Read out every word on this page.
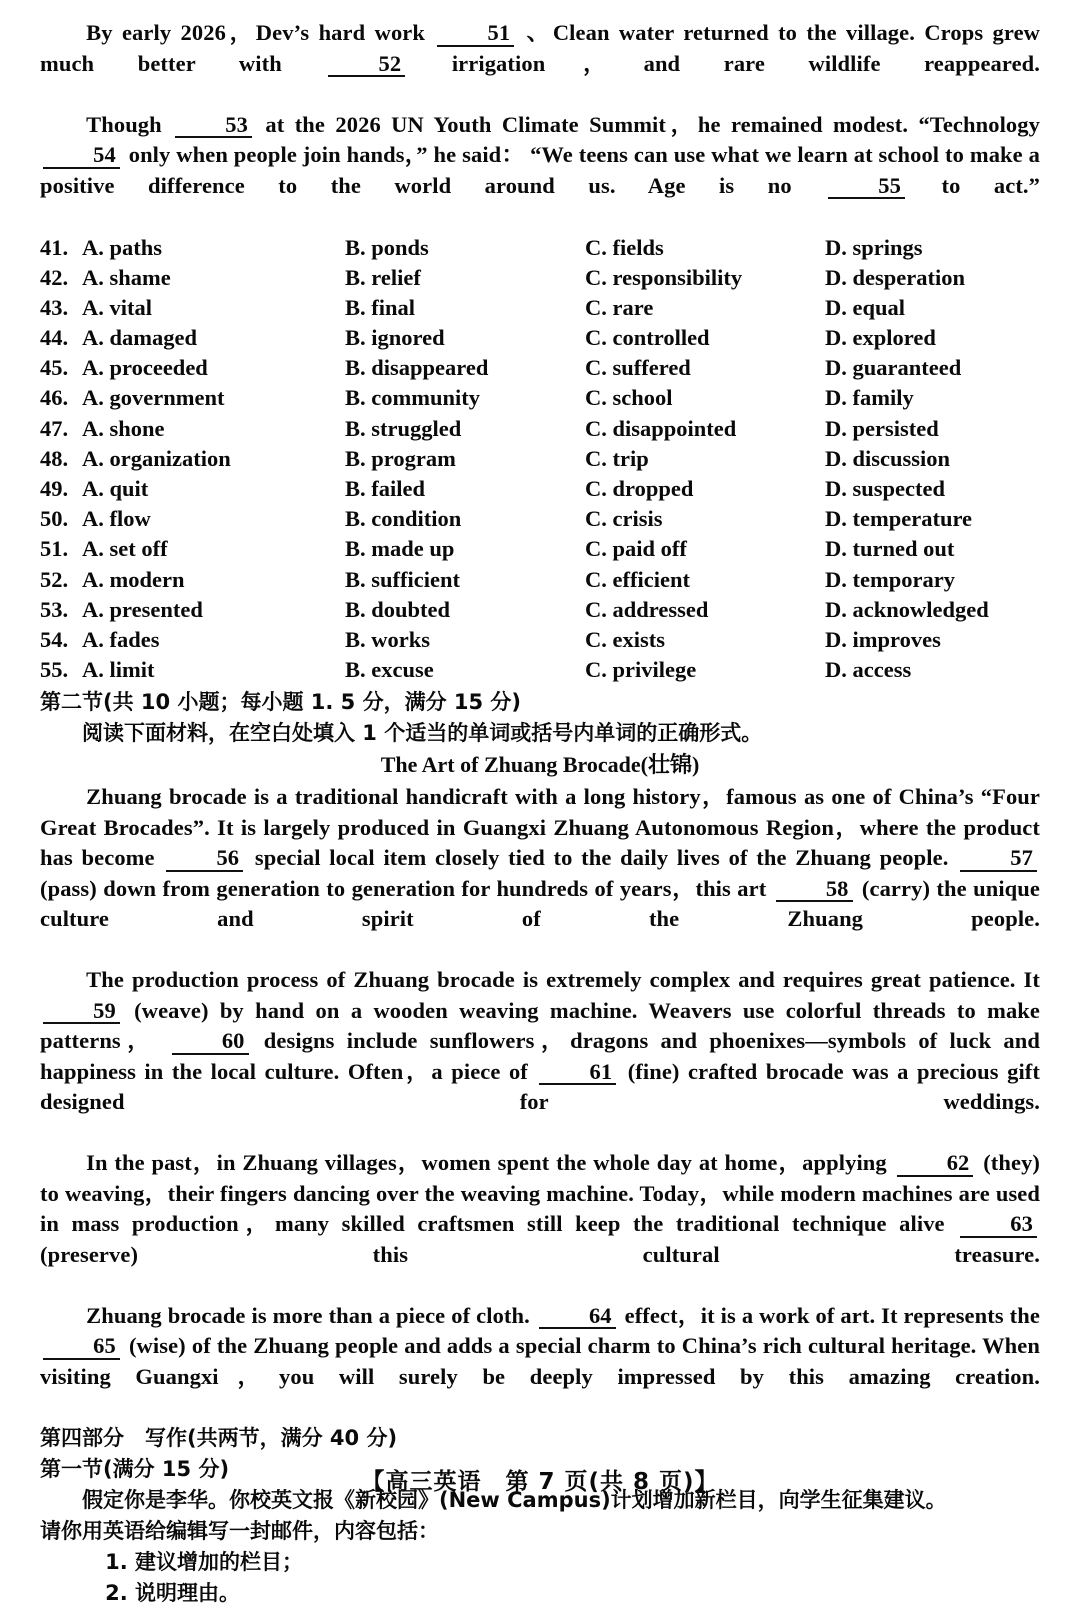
By early 2026，Dev’s hard work	51 、Clean water returned to the village. Crops grew much better with	52 irrigation，and rare wildlife reappeared.
Though	53 at the 2026 UN Youth Climate Summit，he remained modest. “Technology 54 only when people join hands，” he said： “We teens can use what we learn at school to make a positive difference to the world around us. Age is no	55 to act.”
41. A. paths	B. ponds	C. fields	D. springs
42. A. shame	B. relief	C. responsibility	D. desperation
43. A. vital	B. final	C. rare	D. equal
44. A. damaged	B. ignored	C. controlled	D. explored
45. A. proceeded	B. disappeared	C. suffered	D. guaranteed
46. A. government	B. community	C. school	D. family
47. A. shone	B. struggled	C. disappointed	D. persisted
48. A. organization	B. program	C. trip	D. discussion
49. A. quit	B. failed	C. dropped	D. suspected
50. A. flow	B. condition	C. crisis	D. temperature
51. A. set off	B. made up	C. paid off	D. turned out
52. A. modern	B. sufficient	C. efficient	D. temporary
53. A. presented	B. doubted	C. addressed	D. acknowledged
54. A. fades	B. works	C. exists	D. improves
55. A. limit	B. excuse	C. privilege	D. access
第二节(共 10 小题；每小题 1. 5 分，满分 15 分)
阅读下面材料，在空白处填入 1 个适当的单词或括号内单词的正确形式。
The Art of Zhuang Brocade(壮锦)
Zhuang brocade is a traditional handicraft with a long history，famous as one of China’s “Four Great Brocades”. It is largely produced in Guangxi Zhuang Autonomous Region，where the product has become	56 special local item closely tied to the daily lives of the Zhuang people.	57 (pass) down from generation to generation for hundreds of years，this art	58 (carry) the unique culture and spirit of the Zhuang people.
The production process of Zhuang brocade is extremely complex and requires great patience. It 59 (weave) by hand on a wooden weaving machine. Weavers use colorful threads to make patterns，	60 designs include sunflowers，dragons and phoenixes—symbols of luck and happiness in the local culture. Often，a piece of	61 (fine) crafted brocade was a precious gift designed for weddings.
In the past，in Zhuang villages，women spent the whole day at home，applying	62 (they) to weaving，their fingers dancing over the weaving machine. Today，while modern machines are used in mass production，many skilled craftsmen still keep the traditional technique alive	63 (preserve) this cultural treasure.
Zhuang brocade is more than a piece of cloth.	64 effect，it is a work of art. It represents the 65 (wise) of the Zhuang people and adds a special charm to China’s rich cultural heritage. When visiting Guangxi，you will surely be deeply impressed by this amazing creation.
第四部分　写作(共两节，满分 40 分)
第一节(满分 15 分)
假定你是李华。你校英文报《新校园》(New Campus)计划增加新栏目，向学生征集建议。
请你用英语给编辑写一封邮件，内容包括：
1. 建议增加的栏目；
2. 说明理由。
【高三英语　第 7 页(共 8 页)】
